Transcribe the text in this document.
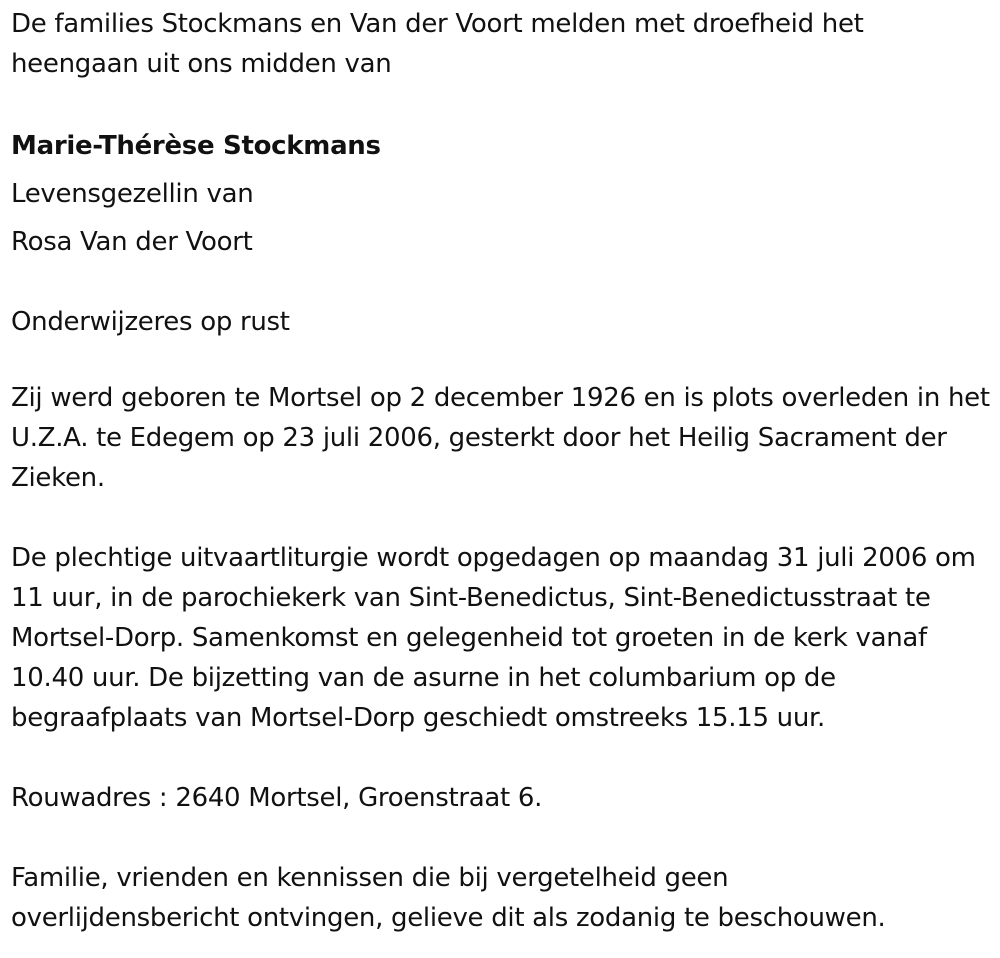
De families Stockmans en Van der Voort melden met droefheid het heengaan uit ons midden van

Marie-Thérèse Stockmans

Levensgezellin van

Rosa Van der Voort

Onderwijzeres op rust

Zij werd geboren te Mortsel op 2 december 1926 en is plots overleden in het U.Z.A. te Edegem op 23 juli 2006, gesterkt door het Heilig Sacrament der Zieken.

De plechtige uitvaartliturgie wordt opgedagen op maandag 31 juli 2006 om 11 uur, in de parochiekerk van Sint-Benedictus, Sint-Benedictusstraat te Mortsel-Dorp. Samenkomst en gelegenheid tot groeten in de kerk vanaf 10.40 uur. De bijzetting van de asurne in het columbarium op de begraafplaats van Mortsel-Dorp geschiedt omstreeks 15.15 uur.

Rouwadres : 2640 Mortsel, Groenstraat 6.

Familie, vrienden en kennissen die bij vergetelheid geen overlijdensbericht ontvingen, gelieve dit als zodanig te beschouwen.
